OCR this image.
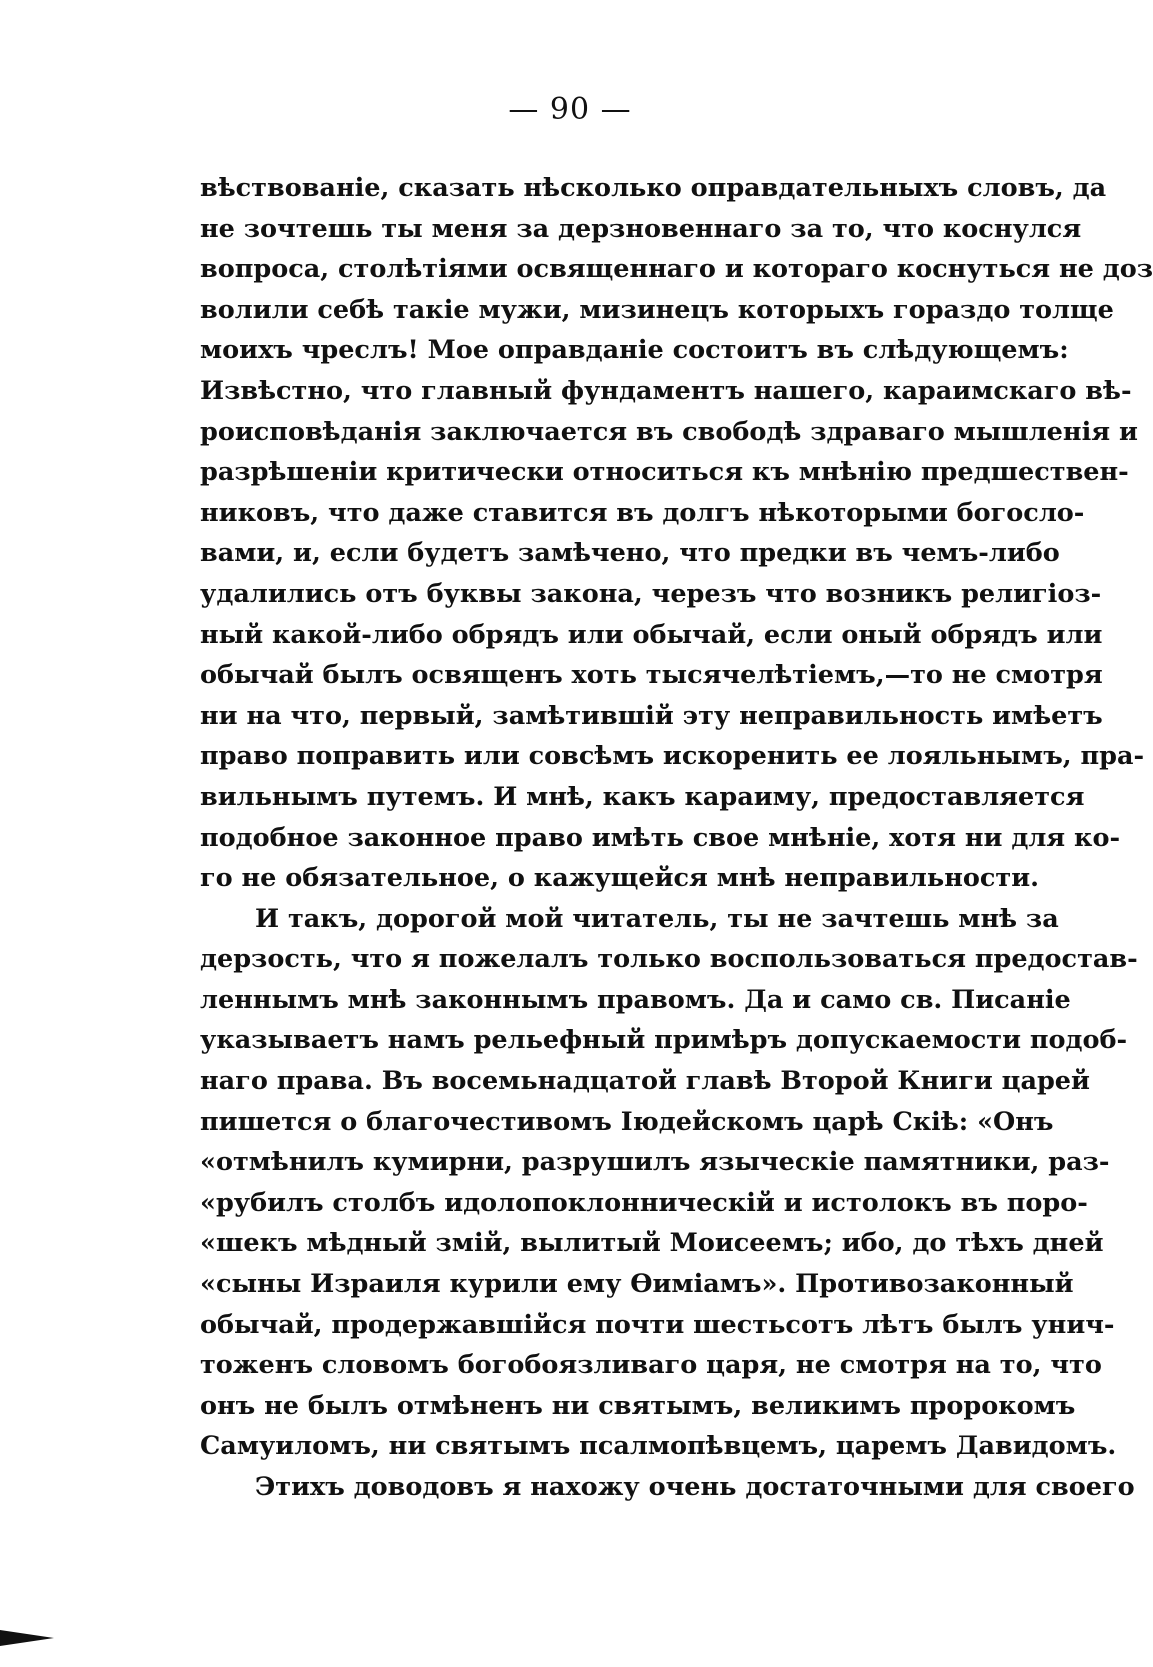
— 90 —
вѣствованіе, сказать нѣсколько оправдательныхъ словъ, да
не зочтешь ты меня за дерзновеннаго за то, что коснулся
вопроса, столѣтіями освященнаго и котораго коснуться не доз
волили себѣ такіе мужи, мизинецъ которыхъ гораздо толще
моихъ чреслъ! Мое оправданіе состоитъ въ слѣдующемъ:
Извѣстно, что главный фундаментъ нашего, караимскаго вѣ-
роисповѣданія заключается въ свободѣ здраваго мышленія и
разрѣшеніи критически относиться къ мнѣнію предшествен-
никовъ, что даже ставится въ долгъ нѣкоторыми богосло-
вами, и, если будетъ замѣчено, что предки въ чемъ-либо
удалились отъ буквы закона, черезъ что возникъ религіоз-
ный какой-либо обрядъ или обычай, если оный обрядъ или
обычай былъ освященъ хоть тысячелѣтіемъ,—то не смотря
ни на что, первый, замѣтившій эту неправильность имѣетъ
право поправить или совсѣмъ искоренить ее лояльнымъ, пра-
вильнымъ путемъ. И мнѣ, какъ караиму, предоставляется
подобное законное право имѣть свое мнѣніе, хотя ни для ко-
го не обязательное, о кажущейся мнѣ неправильности.
И такъ, дорогой мой читатель, ты не зачтешь мнѣ за
дерзость, что я пожелалъ только воспользоваться предостав-
леннымъ мнѣ законнымъ правомъ. Да и само св. Писаніе
указываетъ намъ рельефный примѣръ допускаемости подоб-
наго права. Въ восемьнадцатой главѣ Второй Книги царей
пишется о благочестивомъ Іюдейскомъ царѣ Скіѣ: «Онъ
«отмѣнилъ кумирни, разрушилъ языческіе памятники, раз-
«рубилъ столбъ идолопоклонническій и истолокъ въ поро-
«шекъ мѣдный змій, вылитый Моисеемъ; ибо, до тѣхъ дней
«сыны Израиля курили ему Ѳиміамъ». Противозаконный
обычай, продержавшійся почти шестьсотъ лѣтъ былъ унич-
тоженъ словомъ богобоязливаго царя, не смотря на то, что
онъ не былъ отмѣненъ ни святымъ, великимъ пророкомъ
Самуиломъ, ни святымъ псалмопѣвцемъ, царемъ Давидомъ.
Этихъ доводовъ я нахожу очень достаточными для своего
